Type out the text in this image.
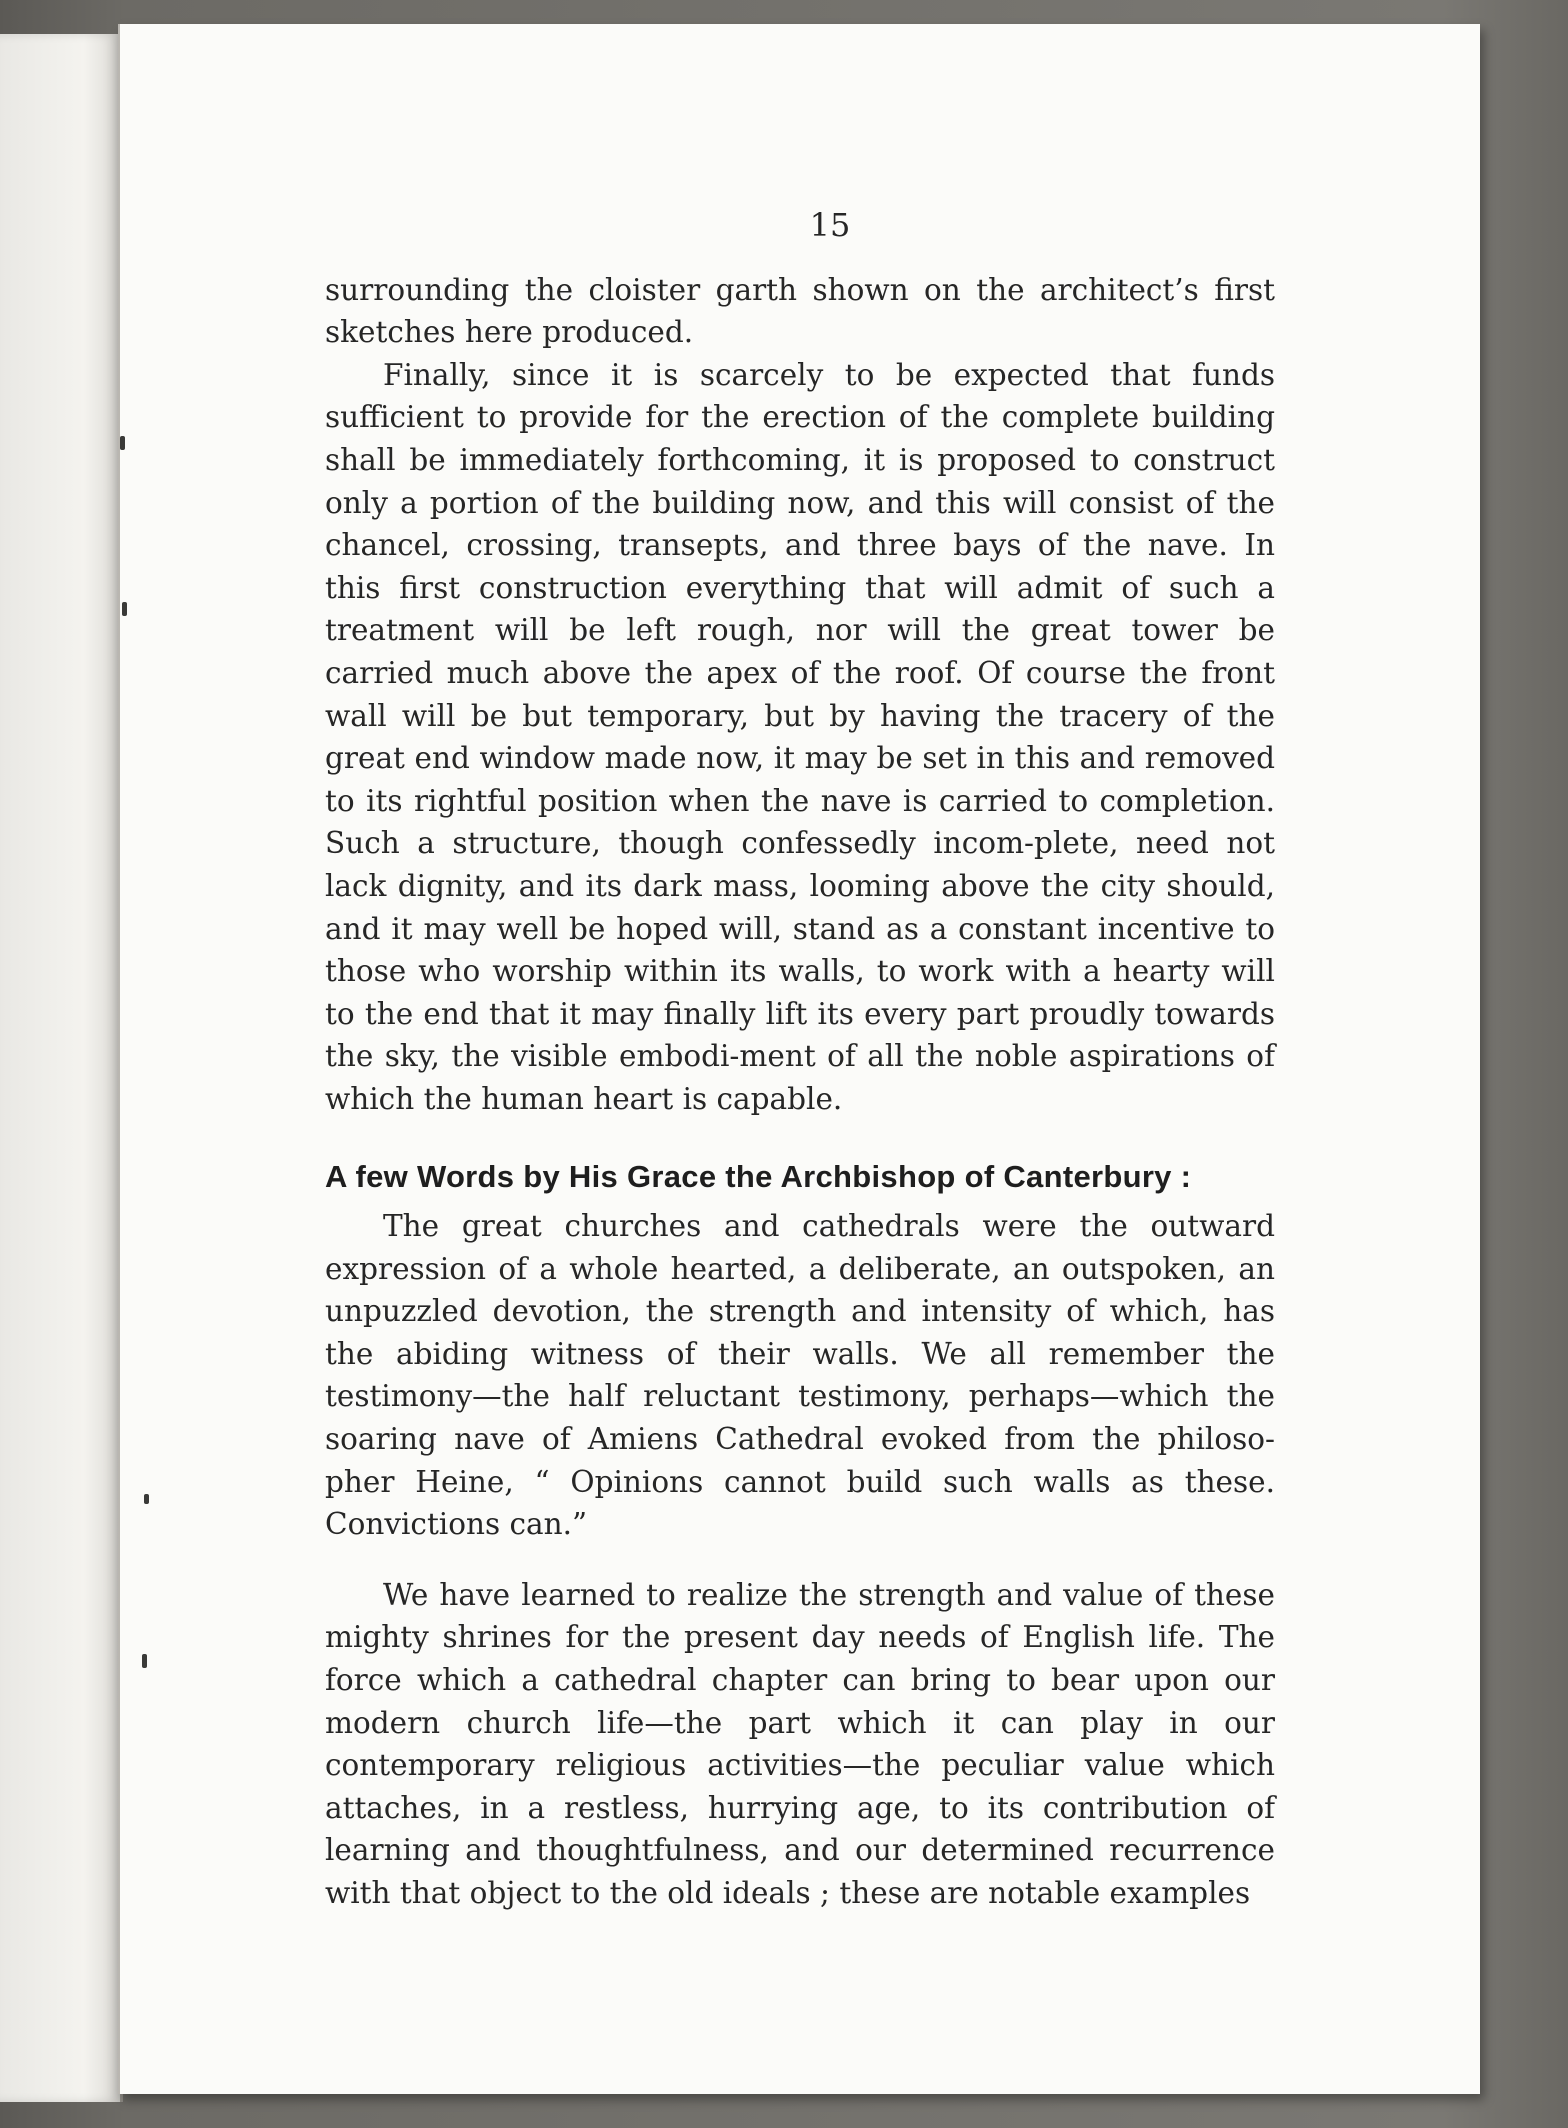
15

surrounding the cloister garth shown on the architect’s first sketches here produced.

Finally, since it is scarcely to be expected that funds sufficient to provide for the erection of the complete building shall be immediately forthcoming, it is proposed to construct only a portion of the building now, and this will consist of the chancel, crossing, transepts, and three bays of the nave. In this first construction everything that will admit of such a treatment will be left rough, nor will the great tower be carried much above the apex of the roof. Of course the front wall will be but temporary, but by having the tracery of the great end window made now, it may be set in this and removed to its rightful position when the nave is carried to completion. Such a structure, though confessedly incom-plete, need not lack dignity, and its dark mass, looming above the city should, and it may well be hoped will, stand as a constant incentive to those who worship within its walls, to work with a hearty will to the end that it may finally lift its every part proudly towards the sky, the visible embodi-ment of all the noble aspirations of which the human heart is capable.

A few Words by His Grace the Archbishop of Canterbury :

The great churches and cathedrals were the outward expression of a whole hearted, a deliberate, an outspoken, an unpuzzled devotion, the strength and intensity of which, has the abiding witness of their walls. We all remember the testimony—the half reluctant testimony, perhaps—which the soaring nave of Amiens Cathedral evoked from the philoso-pher Heine, “ Opinions cannot build such walls as these. Convictions can.”

We have learned to realize the strength and value of these mighty shrines for the present day needs of English life. The force which a cathedral chapter can bring to bear upon our modern church life—the part which it can play in our contemporary religious activities—the peculiar value which attaches, in a restless, hurrying age, to its contribution of learning and thoughtfulness, and our determined recurrence with that object to the old ideals ; these are notable examples
